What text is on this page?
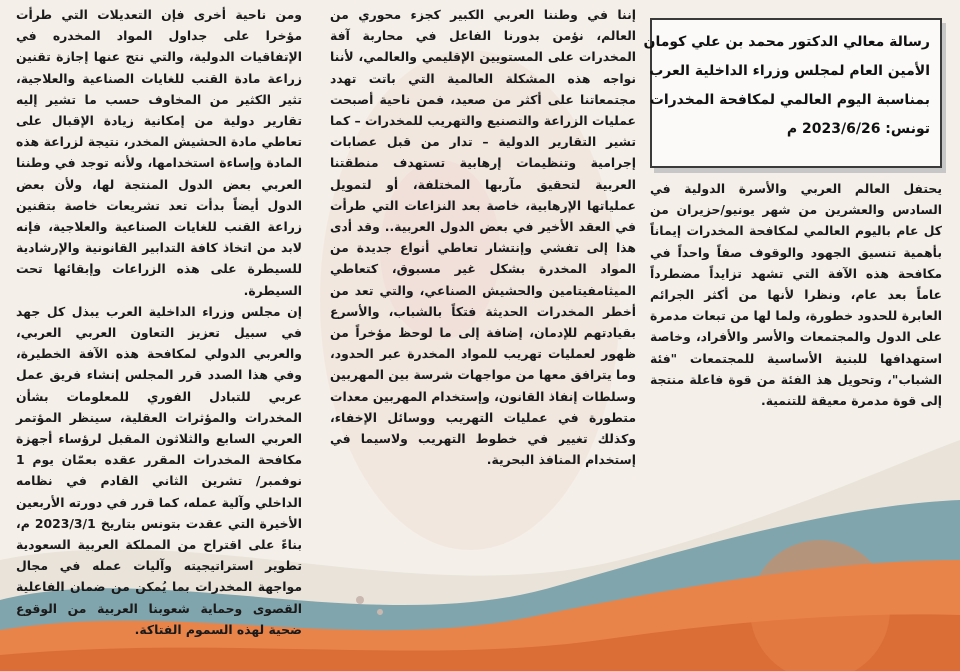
ومن ناحية أخرى فإن التعديلات التي طرأت مؤخرا على جداول المواد المخدره في الإتفاقيات الدولية، والتي نتج عنها إجازة تقنين زراعة مادة القنب للغايات الصناعية والعلاجية، تثير الكثير من المخاوف حسب ما تشير إليه تقارير دولية من إمكانية زيادة الإقبال على تعاطي مادة الحشيش المخدر، نتيجة لزراعة هذه المادة وإساءة استخدامها، ولأنه توجد في وطننا العربي بعض الدول المنتجة لها، ولأن بعض الدول أيضاً بدأت تعد تشريعات خاصة بتقنين زراعة القنب للغايات الصناعية والعلاجية، فإنه لابد من اتخاذ كافة التدابير القانونية والإرشادية للسيطرة على هذه الزراعات وإبقائها تحت السيطرة.

إن مجلس وزراء الداخلية العرب يبذل كل جهد في سبيل تعزيز التعاون العربي العربي، والعربي الدولي لمكافحة هذه الآفة الخطيرة، وفي هذا الصدد قرر المجلس إنشاء فريق عمل عربي للتبادل الفوري للمعلومات بشأن المخدرات والمؤثرات العقلية، سينظر المؤتمر العربي السابع والثلاثون المقبل لرؤساء أجهزة مكافحة المخدرات المقرر عقده بعمّان يوم 1 نوفمبر/ تشرين الثاني القادم في نظامه الداخلي وآلية عمله، كما قرر في دورته الأربعين الأخيرة التي عقدت بتونس بتاريخ 2023/3/1 م، بناءً على اقتراح من المملكة العربية السعودية تطوير استراتيجيته وآليات عمله في مجال مواجهة المخدرات بما يُمكن من ضمان الفاعلية القصوى وحماية شعوبنا العربية من الوقوع ضحية لهذه السموم الفتاكة.

إننا في وطننا العربي الكبير كجزء محوري من العالم، نؤمن بدورنا الفاعل في محاربة آفة المخدرات على المستويين الإقليمي والعالمي، لأننا نواجه هذه المشكلة العالمية التي باتت تهدد مجتمعاتنا على أكثر من صعيد، فمن ناحية أصبحت عمليات الزراعة والتصنيع والتهريب للمخدرات – كما تشير التقارير الدولية – تدار من قبل عصابات إجرامية وتنظيمات إرهابية تستهدف منطقتنا العربية لتحقيق مآربها المختلفة، أو لتمويل عملياتها الإرهابية، خاصة بعد النزاعات التي طرأت في العقد الأخير في بعض الدول العربية.. وقد أدى هذا إلى تفشي وإنتشار تعاطي أنواع جديدة من المواد المخدرة بشكل غير مسبوق، كتعاطي الميثامفيتامين والحشيش الصناعي، والتي تعد من أخطر المخدرات الحديثة فتكاً بالشباب، والأسرع بقيادتهم للإدمان، إضافة إلى ما لوحظ مؤخراً من ظهور لعمليات تهريب للمواد المخدرة عبر الحدود، وما يترافق معها من مواجهات شرسة بين المهربين وسلطات إنفاذ القانون، وإستخدام المهربين معدات متطورة في عمليات التهريب ووسائل الإخفاء، وكذلك تغيير في خطوط التهريب ولاسيما في إستخدام المنافذ البحرية.

رسالة معالي الدكتور محمد بن علي كومان
الأمين العام لمجلس وزراء الداخلية العرب
بمناسبة اليوم العالمي لمكافحة المخدرات
تونس: 2023/6/26 م

يحتفل العالم العربي والأسرة الدولية في السادس والعشرين من شهر يونيو/حزيران من كل عام باليوم العالمي لمكافحة المخدرات إيماناً بأهمية تنسيق الجهود والوقوف صفاً واحداً في مكافحة هذه الآفة التي تشهد تزايداً مضطرداً عاماً بعد عام، ونظرا لأنها من أكثر الجرائم العابرة للحدود خطورة، ولما لها من تبعات مدمرة على الدول والمجتمعات والأسر والأفراد، وخاصة استهدافها للبنية الأساسية للمجتمعات "فئة الشباب"، وتحويل هذ الفئة من قوة فاعلة منتجة إلى قوة مدمرة معيقة للتنمية.
